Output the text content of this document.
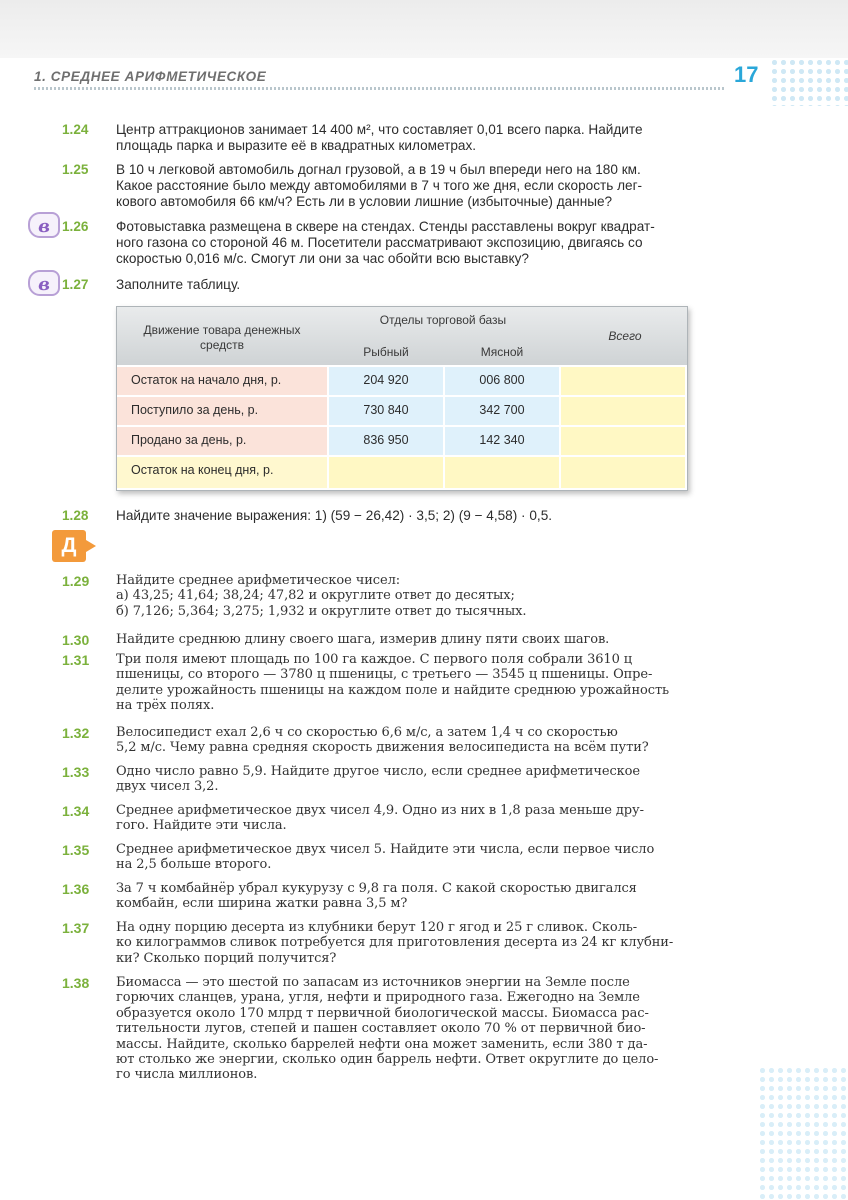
1. СРЕДНЕЕ АРИФМЕТИЧЕСКОЕ	17
1.24 Центр аттракционов занимает 14 400 м², что составляет 0,01 всего парка. Найдите
площадь парка и выразите её в квадратных километрах.
1.25 В 10 ч легковой автомобиль догнал грузовой, а в 19 ч был впереди него на 180 км.
Какое расстояние было между автомобилями в 7 ч того же дня, если скорость лег-
кового автомобиля 66 км/ч? Есть ли в условии лишние (избыточные) данные?
в 1.26 Фотовыставка размещена в сквере на стендах. Стенды расставлены вокруг квадрат-
ного газона со стороной 46 м. Посетители рассматривают экспозицию, двигаясь со
скоростью 0,016 м/с. Смогут ли они за час обойти всю выставку?
в 1.27 Заполните таблицу.
Движение товара денежных средств
Отделы торговой базы
Рыбный	Мясной
Всего
Остаток на начало дня, р.	204 920	006 800
Поступило за день, р.	730 840	342 700
Продано за день, р.	836 950	142 340
Остаток на конец дня, р.
1.28 Найдите значение выражения: 1) (59 − 26,42) · 3,5; 2) (9 − 4,58) · 0,5.
Д
1.29 Найдите среднее арифметическое чисел:
а) 43,25; 41,64; 38,24; 47,82 и округлите ответ до десятых;
б) 7,126; 5,364; 3,275; 1,932 и округлите ответ до тысячных.
1.30 Найдите среднюю длину своего шага, измерив длину пяти своих шагов.
1.31 Три поля имеют площадь по 100 га каждое. С первого поля собрали 3610 ц
пшеницы, со второго — 3780 ц пшеницы, с третьего — 3545 ц пшеницы. Опре-
делите урожайность пшеницы на каждом поле и найдите среднюю урожайность
на трёх полях.
1.32 Велосипедист ехал 2,6 ч со скоростью 6,6 м/с, а затем 1,4 ч со скоростью
5,2 м/с. Чему равна средняя скорость движения велосипедиста на всём пути?
1.33 Одно число равно 5,9. Найдите другое число, если среднее арифметическое
двух чисел 3,2.
1.34 Среднее арифметическое двух чисел 4,9. Одно из них в 1,8 раза меньше дру-
гого. Найдите эти числа.
1.35 Среднее арифметическое двух чисел 5. Найдите эти числа, если первое число
на 2,5 больше второго.
1.36 За 7 ч комбайнёр убрал кукурузу с 9,8 га поля. С какой скоростью двигался
комбайн, если ширина жатки равна 3,5 м?
1.37 На одну порцию десерта из клубники берут 120 г ягод и 25 г сливок. Сколь-
ко килограммов сливок потребуется для приготовления десерта из 24 кг клубни-
ки? Сколько порций получится?
1.38 Биомасса — это шестой по запасам из источников энергии на Земле после
горючих сланцев, урана, угля, нефти и природного газа. Ежегодно на Земле
образуется около 170 млрд т первичной биологической массы. Биомасса рас-
тительности лугов, степей и пашен составляет около 70 % от первичной био-
массы. Найдите, сколько баррелей нефти она может заменить, если 380 т да-
ют столько же энергии, сколько один баррель нефти. Ответ округлите до цело-
го числа миллионов.
